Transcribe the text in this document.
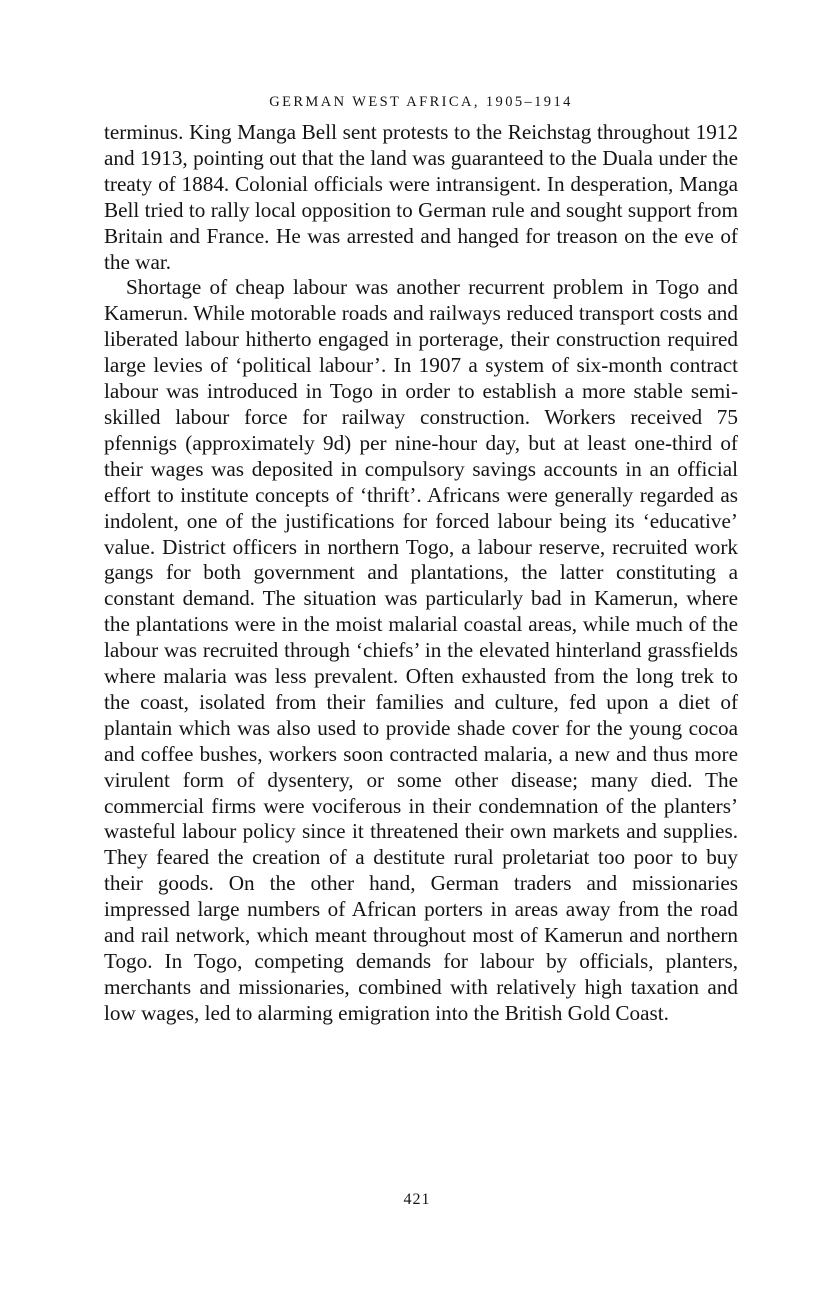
GERMAN WEST AFRICA, 1905–1914

terminus. King Manga Bell sent protests to the Reichstag throughout 1912 and 1913, pointing out that the land was guaranteed to the Duala under the treaty of 1884. Colonial officials were intransigent. In desperation, Manga Bell tried to rally local opposition to German rule and sought support from Britain and France. He was arrested and hanged for treason on the eve of the war.

Shortage of cheap labour was another recurrent problem in Togo and Kamerun. While motorable roads and railways reduced transport costs and liberated labour hitherto engaged in porterage, their construction required large levies of ‘political labour’. In 1907 a system of six-month contract labour was introduced in Togo in order to establish a more stable semi-skilled labour force for railway construction. Workers received 75 pfennigs (approximately 9d) per nine-hour day, but at least one-third of their wages was deposited in compulsory savings accounts in an official effort to institute concepts of ‘thrift’. Africans were generally regarded as indolent, one of the justifications for forced labour being its ‘educative’ value. District officers in northern Togo, a labour reserve, recruited work gangs for both government and plantations, the latter constituting a constant demand. The situation was particularly bad in Kamerun, where the plantations were in the moist malarial coastal areas, while much of the labour was recruited through ‘chiefs’ in the elevated hinterland grassfields where malaria was less prevalent. Often exhausted from the long trek to the coast, isolated from their families and culture, fed upon a diet of plantain which was also used to provide shade cover for the young cocoa and coffee bushes, workers soon contracted malaria, a new and thus more virulent form of dysentery, or some other disease; many died. The commercial firms were vociferous in their condemnation of the planters’ wasteful labour policy since it threatened their own markets and supplies. They feared the creation of a destitute rural proletariat too poor to buy their goods. On the other hand, German traders and missionaries impressed large numbers of African porters in areas away from the road and rail network, which meant throughout most of Kamerun and northern Togo. In Togo, competing demands for labour by officials, planters, merchants and missionaries, combined with relatively high taxation and low wages, led to alarming emigration into the British Gold Coast.

421
